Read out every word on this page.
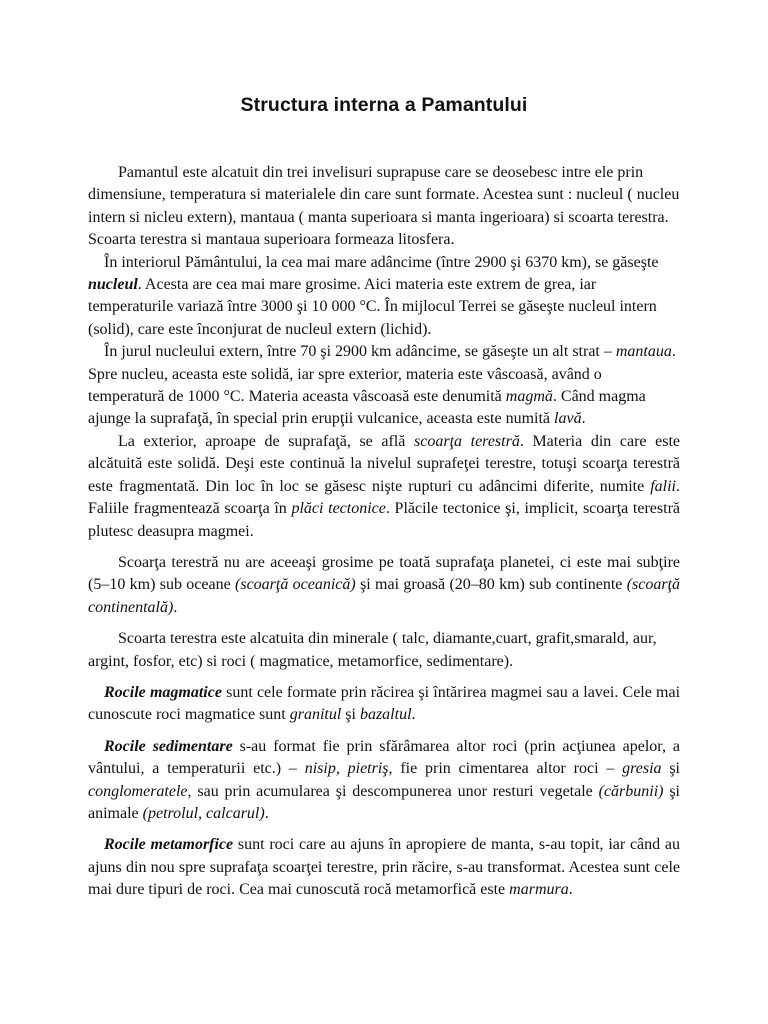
Structura interna a Pamantului

Pamantul este alcatuit din trei invelisuri suprapuse care se deosebesc intre ele prin dimensiune, temperatura si materialele din care sunt formate. Acestea sunt : nucleul ( nucleu intern si nicleu extern), mantaua ( manta superioara si manta ingerioara) si scoarta terestra. Scoarta terestra si mantaua superioara formeaza litosfera.

În interiorul Pământului, la cea mai mare adâncime (între 2900 şi 6370 km), se găseşte nucleul. Acesta are cea mai mare grosime. Aici materia este extrem de grea, iar temperaturile variază între 3000 şi 10 000 °C. În mijlocul Terrei se găseşte nucleul intern (solid), care este înconjurat de nucleul extern (lichid).

În jurul nucleului extern, între 70 şi 2900 km adâncime, se găseşte un alt strat – mantaua. Spre nucleu, aceasta este solidă, iar spre exterior, materia este vâscoasă, având o temperatură de 1000 °C. Materia aceasta vâscoasă este denumită magmă. Când magma ajunge la suprafaţă, în special prin erupţii vulcanice, aceasta este numită lavă.

La exterior, aproape de suprafaţă, se află scoarţa terestră. Materia din care este alcătuită este solidă. Deşi este continuă la nivelul suprafeţei terestre, totuşi scoarţa terestră este fragmentată. Din loc în loc se găsesc nişte rupturi cu adâncimi diferite, numite falii. Faliile fragmentează scoarţa în plăci tectonice. Plăcile tectonice şi, implicit, scoarţa terestră plutesc deasupra magmei.

Scoarţa terestră nu are aceeaşi grosime pe toată suprafaţa planetei, ci este mai subţire (5–10 km) sub oceane (scoarţă oceanică) şi mai groasă (20–80 km) sub continente (scoarţă continentală).

Scoarta terestra este alcatuita din minerale ( talc, diamante,cuart, grafit,smarald, aur, argint, fosfor, etc) si roci ( magmatice, metamorfice, sedimentare).

Rocile magmatice sunt cele formate prin răcirea şi întărirea magmei sau a lavei. Cele mai cunoscute roci magmatice sunt granitul şi bazaltul.

Rocile sedimentare s-au format fie prin sfărâmarea altor roci (prin acţiunea apelor, a vântului, a temperaturii etc.) – nisip, pietriş, fie prin cimentarea altor roci – gresia şi conglomeratele, sau prin acumularea şi descompunerea unor resturi vegetale (cărbunii) şi animale (petrolul, calcarul).

Rocile metamorfice sunt roci care au ajuns în apropiere de manta, s-au topit, iar când au ajuns din nou spre suprafaţa scoarţei terestre, prin răcire, s-au transformat. Acestea sunt cele mai dure tipuri de roci. Cea mai cunoscută rocă metamorfică este marmura.
